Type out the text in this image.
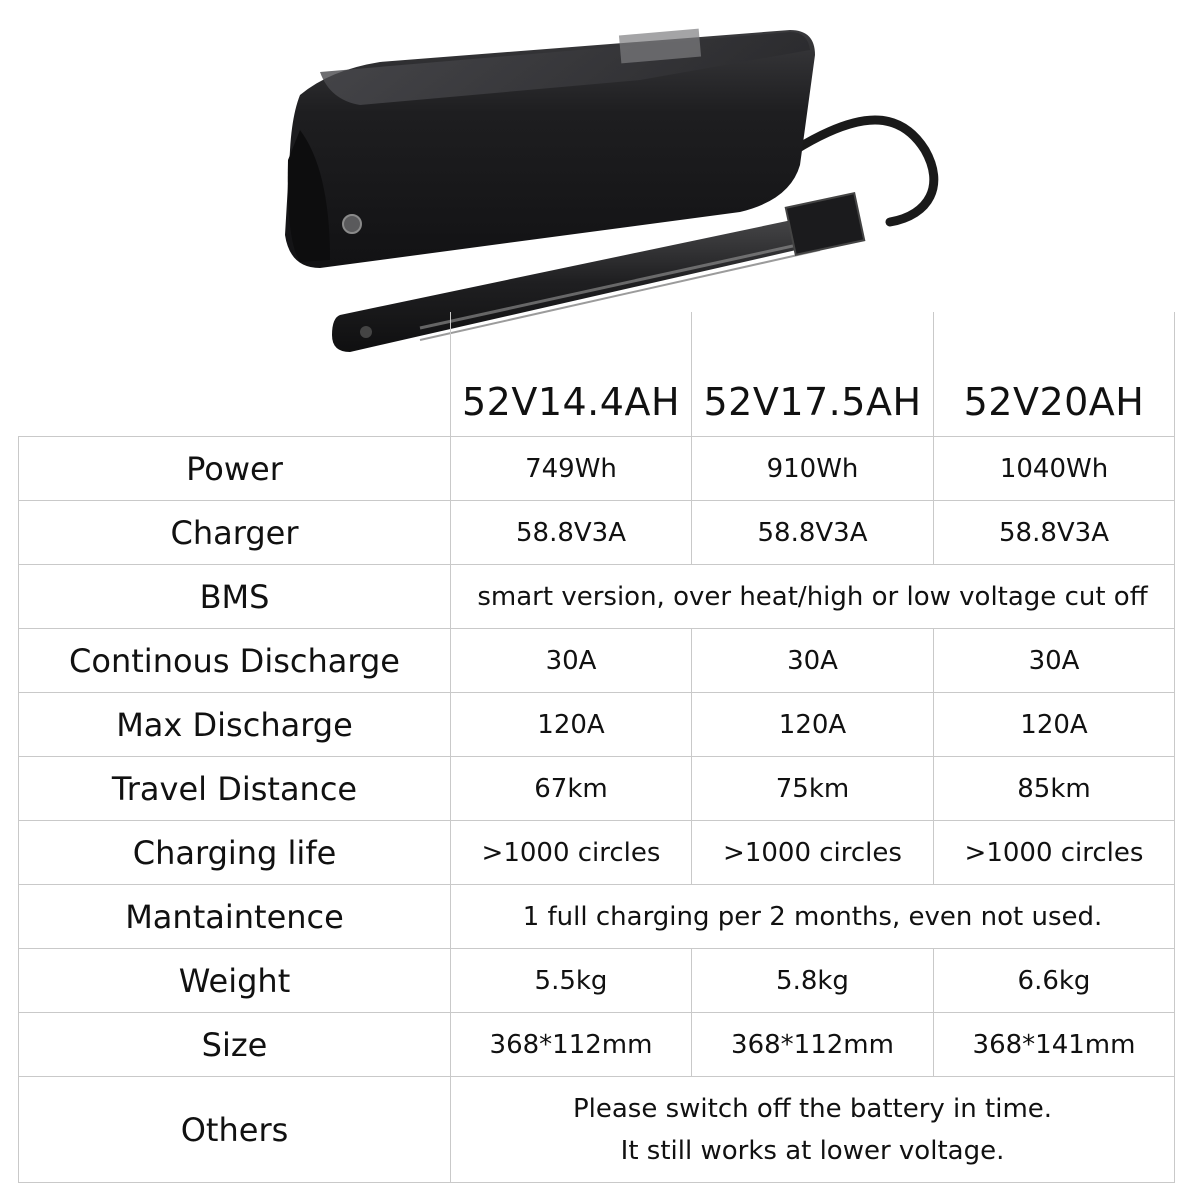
	52V14.4AH	52V17.5AH	52V20AH
Power	749Wh	910Wh	1040Wh
Charger	58.8V3A	58.8V3A	58.8V3A
BMS	smart version, over heat/high or low voltage cut off		
Continous Discharge	30A	30A	30A
Max Discharge	120A	120A	120A
Travel Distance	67km	75km	85km
Charging life	>1000 circles	>1000 circles	>1000 circles
Mantaintence	1 full charging per 2 months, even not used.		
Weight	5.5kg	5.8kg	6.6kg
Size	368*112mm	368*112mm	368*141mm
Others	Please switch off the battery in time.
It still works at lower voltage.		
